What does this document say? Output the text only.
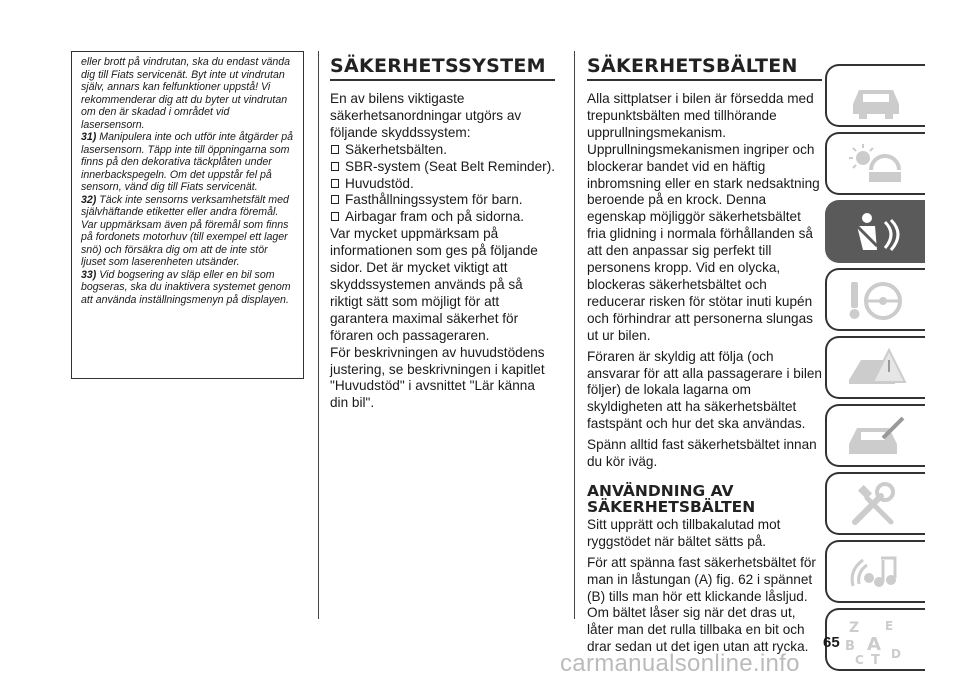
eller brott på vindrutan, ska du endast vända dig till Fiats servicenät. Byt inte ut vindrutan själv, annars kan felfunktioner uppstå! Vi rekommenderar dig att du byter ut vindrutan om den är skadad i området vid lasersensorn.

31) Manipulera inte och utför inte åtgärder på lasersensorn. Täpp inte till öppningarna som finns på den dekorativa täckplåten under innerbackspegeln. Om det uppstår fel på sensorn, vänd dig till Fiats servicenät.

32) Täck inte sensorns verksamhetsfält med självhäftande etiketter eller andra föremål. Var uppmärksam även på föremål som finns på fordonets motorhuv (till exempel ett lager snö) och försäkra dig om att de inte stör ljuset som laserenheten utsänder.

33) Vid bogsering av släp eller en bil som bogseras, ska du inaktivera systemet genom att använda inställningsmenyn på displayen.

SÄKERHETSSYSTEM

En av bilens viktigaste säkerhetsanordningar utgörs av följande skyddssystem:

Säkerhetsbälten.
SBR-system (Seat Belt Reminder).
Huvudstöd.
Fasthållningssystem för barn.
Airbagar fram och på sidorna.

Var mycket uppmärksam på informationen som ges på följande sidor. Det är mycket viktigt att skyddssystemen används på så riktigt sätt som möjligt för att garantera maximal säkerhet för föraren och passageraren.

För beskrivningen av huvudstödens justering, se beskrivningen i kapitlet "Huvudstöd" i avsnittet "Lär känna din bil".

SÄKERHETSBÄLTEN

Alla sittplatser i bilen är försedda med trepunktsbälten med tillhörande upprullningsmekanism. Upprullningsmekanismen ingriper och blockerar bandet vid en häftig inbromsning eller en stark nedsaktning beroende på en krock. Denna egenskap möjliggör säkerhetsbältet fria glidning i normala förhållanden så att den anpassar sig perfekt till personens kropp. Vid en olycka, blockeras säkerhetsbältet och reducerar risken för stötar inuti kupén och förhindrar att personerna slungas ut ur bilen.

Föraren är skyldig att följa (och ansvarar för att alla passagerare i bilen följer) de lokala lagarna om skyldigheten att ha säkerhetsbältet fastspänt och hur det ska användas.

Spänn alltid fast säkerhetsbältet innan du kör iväg.

ANVÄNDNING AV
SÄKERHETSBÄLTEN

Sitt upprätt och tillbakalutad mot ryggstödet när bältet sätts på.

För att spänna fast säkerhetsbältet för man in låstungan (A) fig. 62 i spännet (B) tills man hör ett klickande låsljud. Om bältet låser sig när det dras ut, låter man det rulla tillbaka en bit och drar sedan ut det igen utan att rycka.

Z E
B A
C T D
65
carmanualsonline.info
